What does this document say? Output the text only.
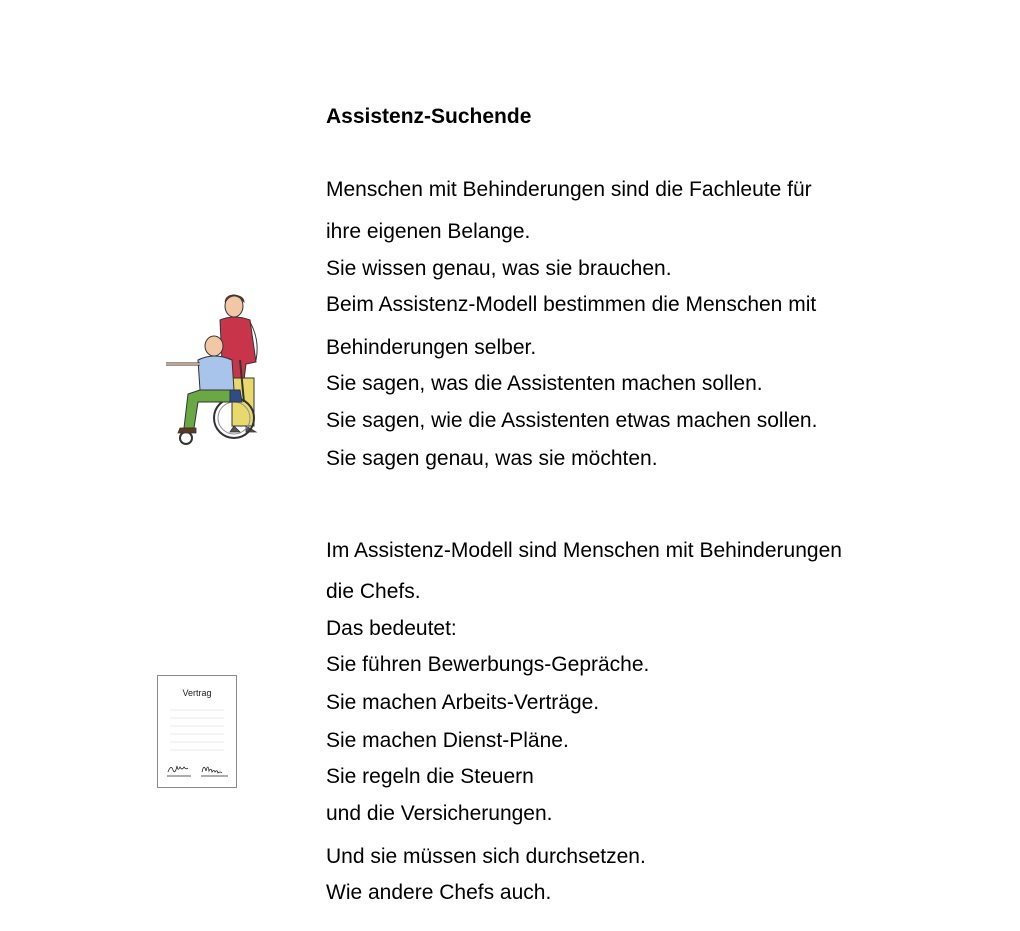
Assistenz-Suchende
Menschen mit Behinderungen sind die Fachleute für
ihre eigenen Belange.
Sie wissen genau, was sie brauchen.
Beim Assistenz-Modell bestimmen die Menschen mit
Behinderungen selber.
Sie sagen, was die Assistenten machen sollen.
Sie sagen, wie die Assistenten etwas machen sollen.
Sie sagen genau, was sie möchten.
Im Assistenz-Modell sind Menschen mit Behinderungen
die Chefs.
Das bedeutet:
Sie führen Bewerbungs-Gepräche.
Sie machen Arbeits-Verträge.
Sie machen Dienst-Pläne.
Sie regeln die Steuern
und die Versicherungen.
Und sie müssen sich durchsetzen.
Wie andere Chefs auch.
Vertrag
